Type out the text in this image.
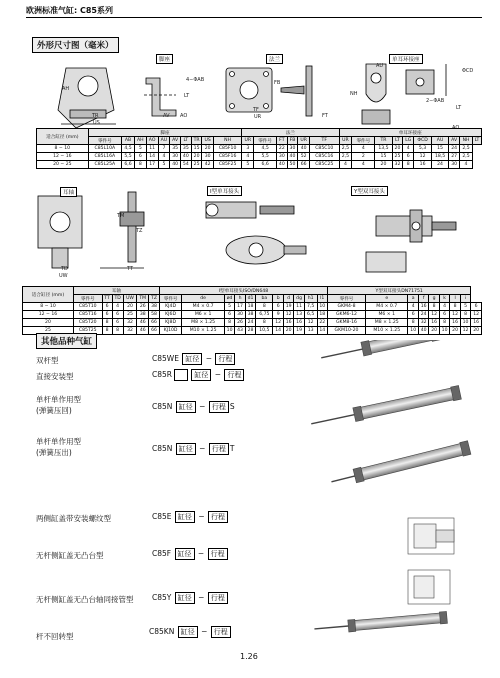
欧洲标准气缸: C85系列
外形尺寸图（毫米）
脚座	法兰	单耳环接座
4−ΦAB
TR
US
AV AO
LT
AH
UR
TF
FB
FT
AU
2−ΦAB
NH
LT
ΦCD
适合缸径 (mm)	脚座										法兰						单耳环接座									
	零件号	AB	AH	AO	AU	AV	LT	TR	US	NH	UR	零件号	FT	FB	UR	TF	UR	零件号	TR	LT	LG	ΦCD	AU	AV	NH	LT
8 − 10	C85L10A	4,5	5	11	7	35	35	15	20	C85F10	3	4,5	22	30	40	C85C10	2,5	4	13,5	20	4	5,3	15	24	2,5	
12 − 16	C85L16A	5,5	6	14	4	30	40	20	30	C85F16	4	5,5	30	40	52	C85C16	2,5	2	15	25	6	12	18,5	27	2,5	
20 − 25	C85L25A	6,6	8	17	5	40	54	25	42	C85F25	5	6,6	40	50	66	C85C25	4	4	20	32	8	16	24	30	4	
耳轴	I型单耳接头	Y型双耳接头
TD
UW
TT
TM
TZ
适合缸径 (mm)	耳轴						I型单耳接头ISO/DN648											Y型双耳接头DN71751								
	零件号	TT	TD	UW	TM	TZ	零件号	de	ød	h	d1	ba	b	d	dg	h1	l1	零件号	e	a	f	g	k	l	i	
8 − 10	C85T10	6	4	20	26	38	KJ4D	M4 × 0.7	5	17	18	8	6	19	11	7,5	10	GKM4-8	M4 × 0.7	4	16	8	4	8	5	6
12 − 16	C85T16	6	6	25	38	58	KJ6D	M6 × 1	6	30	38	6,75	9	12	13	6,5	18	GKM6-12	M6 × 1	6	24	12	6	12	8	12
20	C85T20	8	6	32	46	66	KJ8D	M8 × 1.25	8	26	24	8	12	16	16	12	22	GKM8-16	M8 × 1.25	8	32	16	8	16	10	16
25	C85T25	8	8	32	46	66	KJ10D	M10 × 1.25	10	43	28	10,5	14	20	19	13	14	GKM10-20	M10 × 1.25	10	40	20	10	20	12	20
其他品种气缸
双杆型	C85WE 缸径 − 行程
直接安装型	C85R	缸径 − 行程
单杆单作用型
(弹簧压回)	C85N 缸径 − 行程 S
单杆单作用型
(弹簧压出)	C85N 缸径 − 行程 T
两侧缸盖带安装螺纹型	C85E 缸径 − 行程
无杆侧缸盖无凸台型	C85F 缸径 − 行程
无杆侧缸盖无凸台轴同接管型 C85Y 缸径 − 行程
杆不回转型
C85KN 缸径 − 行程
1.26
